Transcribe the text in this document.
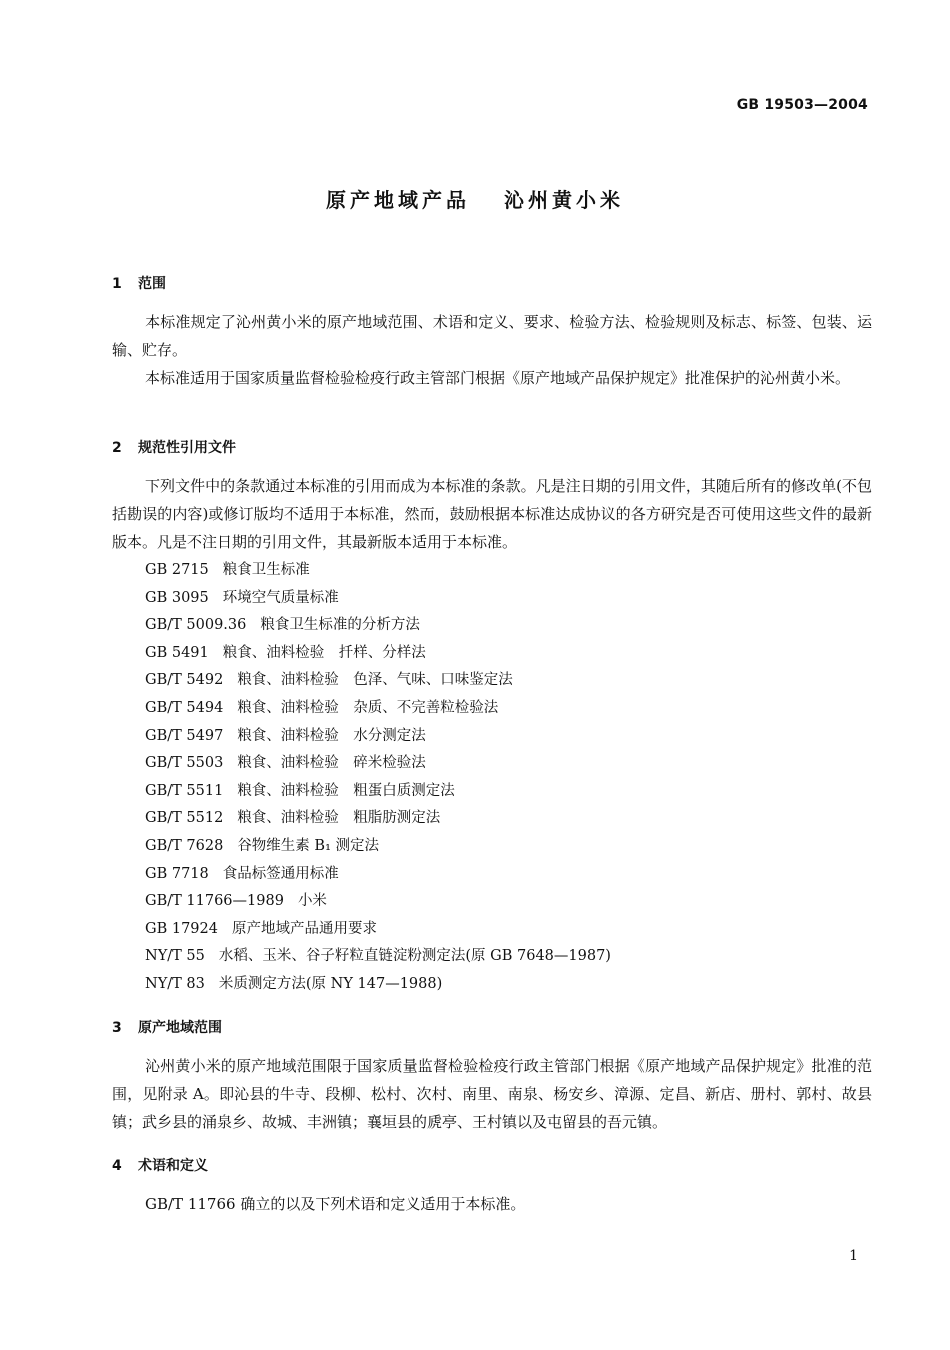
GB 19503—2004
原产地域产品 沁州黄小米
1 范围
本标准规定了沁州黄小米的原产地域范围、术语和定义、要求、检验方法、检验规则及标志、标签、包装、运输、贮存。
本标准适用于国家质量监督检验检疫行政主管部门根据《原产地域产品保护规定》批准保护的沁州黄小米。
2 规范性引用文件
下列文件中的条款通过本标准的引用而成为本标准的条款。凡是注日期的引用文件，其随后所有的修改单(不包括勘误的内容)或修订版均不适用于本标准，然而，鼓励根据本标准达成协议的各方研究是否可使用这些文件的最新版本。凡是不注日期的引用文件，其最新版本适用于本标准。
GB 2715 粮食卫生标准
GB 3095 环境空气质量标准
GB/T 5009.36 粮食卫生标准的分析方法
GB 5491 粮食、油料检验　扦样、分样法
GB/T 5492 粮食、油料检验　色泽、气味、口味鉴定法
GB/T 5494 粮食、油料检验　杂质、不完善粒检验法
GB/T 5497 粮食、油料检验　水分测定法
GB/T 5503 粮食、油料检验　碎米检验法
GB/T 5511 粮食、油料检验　粗蛋白质测定法
GB/T 5512 粮食、油料检验　粗脂肪测定法
GB/T 7628 谷物维生素 B₁ 测定法
GB 7718 食品标签通用标准
GB/T 11766—1989 小米
GB 17924 原产地域产品通用要求
NY/T 55 水稻、玉米、谷子籽粒直链淀粉测定法(原 GB 7648—1987)
NY/T 83 米质测定方法(原 NY 147—1988)
3 原产地域范围
沁州黄小米的原产地域范围限于国家质量监督检验检疫行政主管部门根据《原产地域产品保护规定》批准的范围，见附录 A。即沁县的牛寺、段柳、松村、次村、南里、南泉、杨安乡、漳源、定昌、新店、册村、郭村、故县镇；武乡县的涌泉乡、故城、丰洲镇；襄垣县的虒亭、王村镇以及屯留县的吾元镇。
4 术语和定义
GB/T 11766 确立的以及下列术语和定义适用于本标准。
1
